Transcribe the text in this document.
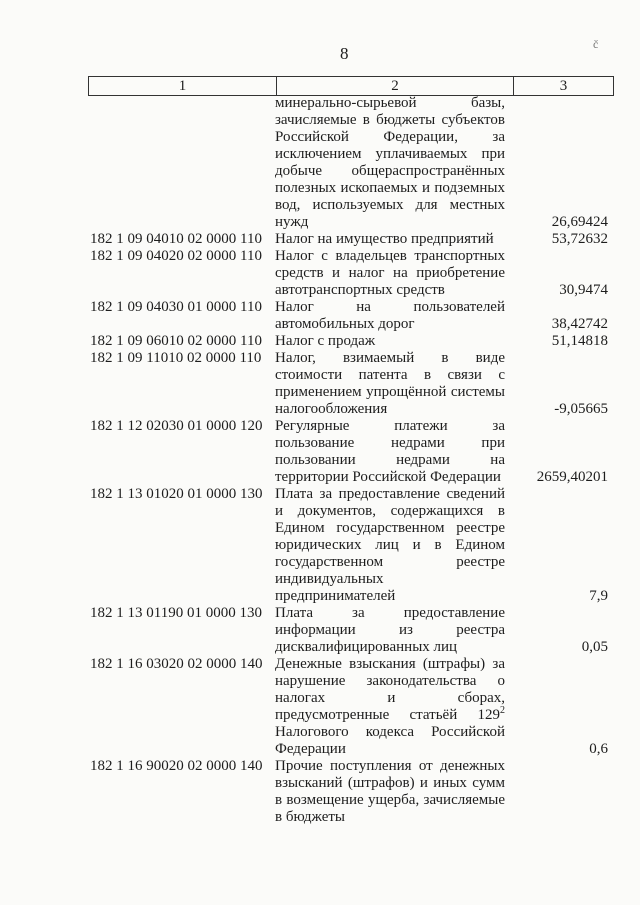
8	č
1	2	3
минерально-сырьевой базы, зачисляемые в бюджеты субъектов Российской Федерации, за исключением уплачиваемых при добыче общераспространённых полезных ископаемых и подземных вод, используемых для местных нужд	26,69424
182 1 09 04010 02 0000 110 Налог на имущество предприятий	53,72632
182 1 09 04020 02 0000 110 Налог с владельцев транспортных средств и налог на приобретение автотранспортных средств	30,9474
182 1 09 04030 01 0000 110 Налог на пользователей автомобильных дорог	38,42742
182 1 09 06010 02 0000 110 Налог с продаж	51,14818
182 1 09 11010 02 0000 110 Налог, взимаемый в виде стоимости патента в связи с применением упрощённой системы налогообложения	-9,05665
182 1 12 02030 01 0000 120 Регулярные платежи за пользование недрами при пользовании недрами на территории Российской Федерации 2659,40201
182 1 13 01020 01 0000 130 Плата за предоставление сведений и документов, содержащихся в Едином государственном реестре юридических лиц и в Едином государственном реестре индивидуальных предпринимателей	7,9
182 1 13 01190 01 0000 130 Плата за предоставление информации из реестра дисквалифицированных лиц	0,05
182 1 16 03020 02 0000 140 Денежные взыскания (штрафы) за нарушение законодательства о налогах и сборах, предусмотренные статьёй $129^2$ Налогового кодекса Российской Федерации	0,6
182 1 16 90020 02 0000 140 Прочие поступления от денежных взысканий (штрафов) и иных сумм в возмещение ущерба, зачисляемые в бюджеты
